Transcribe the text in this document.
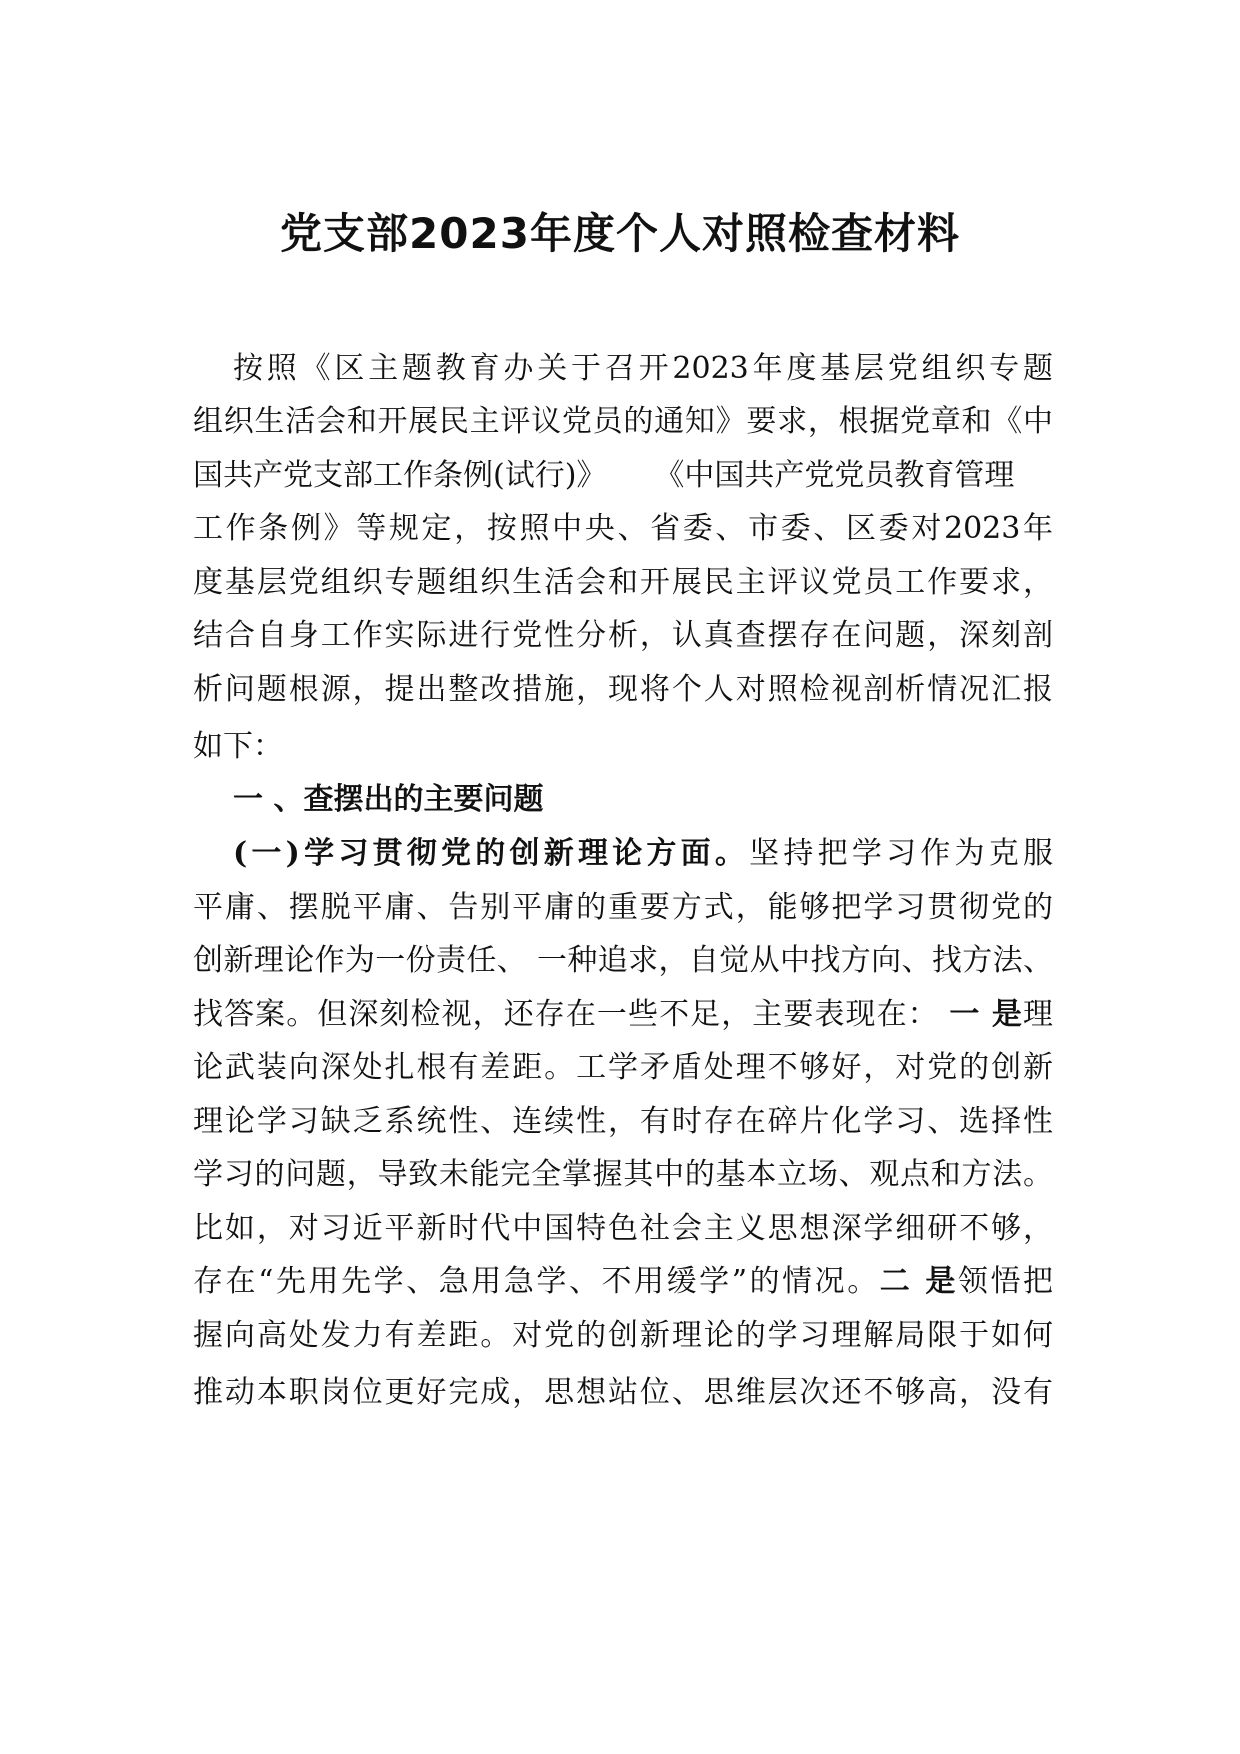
党支部2023年度个人对照检查材料
按照《区主题教育办关于召开2023年度基层党组织专题
组织生活会和开展民主评议党员的通知》要求，根据党章和《中
国共产党支部工作条例(试行)》 《中国共产党党员教育管理
工作条例》等规定，按照中央、省委、市委、区委对2023年
度基层党组织专题组织生活会和开展民主评议党员工作要求，
结合自身工作实际进行党性分析，认真查摆存在问题，深刻剖
析问题根源，提出整改措施，现将个人对照检视剖析情况汇报
如下：
一 、查摆出的主要问题
(一)学习贯彻党的创新理论方面。坚持把学习作为克服
平庸、摆脱平庸、告别平庸的重要方式，能够把学习贯彻党的
创新理论作为一份责任、 一种追求，自觉从中找方向、找方法、
找答案。但深刻检视，还存在一些不足，主要表现在： 一 是理
论武装向深处扎根有差距。工学矛盾处理不够好，对党的创新
理论学习缺乏系统性、连续性，有时存在碎片化学习、选择性
学习的问题，导致未能完全掌握其中的基本立场、观点和方法。
比如，对习近平新时代中国特色社会主义思想深学细研不够，
存在“先用先学、急用急学、不用缓学”的情况。二 是领悟把
握向高处发力有差距。对党的创新理论的学习理解局限于如何
推动本职岗位更好完成，思想站位、思维层次还不够高，没有
